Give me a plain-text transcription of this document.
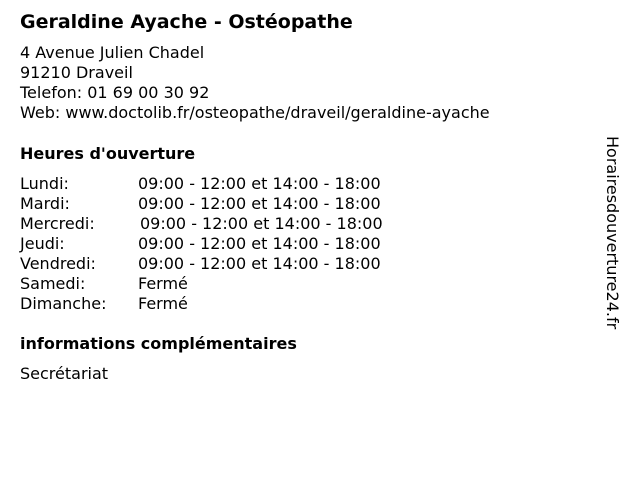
Geraldine Ayache - Ostéopathe
4 Avenue Julien Chadel
91210 Draveil
Telefon: 01 69 00 30 92
Web: www.doctolib.fr/osteopathe/draveil/geraldine-ayache
Heures d'ouverture
Lundi:	09:00 - 12:00 et 14:00 - 18:00
Mardi:	09:00 - 12:00 et 14:00 - 18:00
Mercredi:	09:00 - 12:00 et 14:00 - 18:00
Jeudi:	09:00 - 12:00 et 14:00 - 18:00
Vendredi:	09:00 - 12:00 et 14:00 - 18:00
Samedi:	Fermé
Dimanche: Fermé
informations complémentaires
Secrétariat
Horairesdouverture24.fr
